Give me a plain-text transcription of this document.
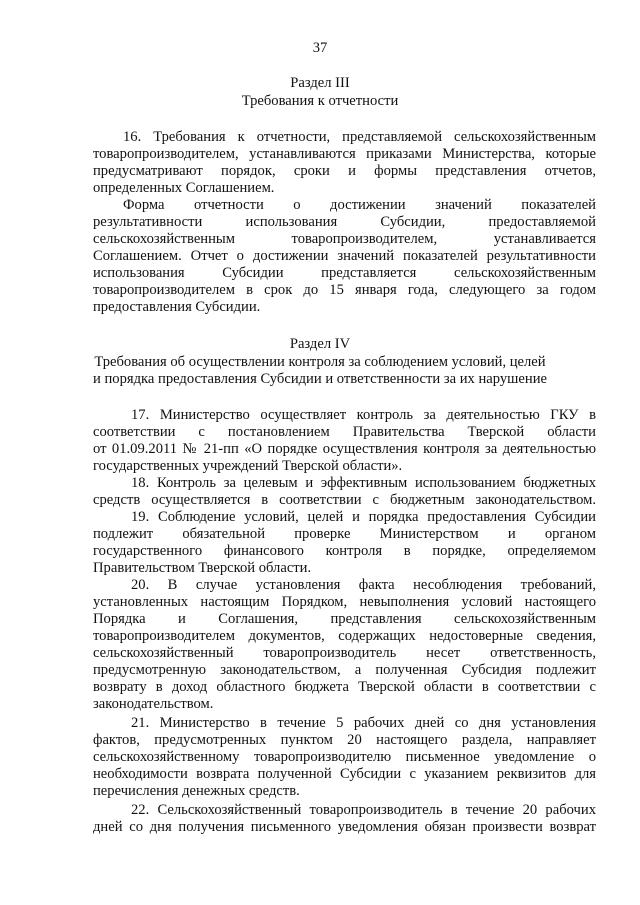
37
Раздел III
Требования к отчетности
16. Требования к отчетности, представляемой сельскохозяйственным
товаропроизводителем, устанавливаются приказами Министерства, которые
предусматривают порядок, сроки и формы представления отчетов,
определенных Соглашением.
Форма отчетности о достижении значений показателей
результативности использования Субсидии, предоставляемой
сельскохозяйственным товаропроизводителем, устанавливается
Соглашением. Отчет о достижении значений показателей результативности
использования Субсидии представляется сельскохозяйственным
товаропроизводителем в срок до 15 января года, следующего за годом
предоставления Субсидии.
Раздел IV
Требования об осуществлении контроля за соблюдением условий, целей
и порядка предоставления Субсидии и ответственности за их нарушение
17. Министерство осуществляет контроль за деятельностью ГКУ в
соответствии с постановлением Правительства Тверской области
от 01.09.2011 № 21-пп «О порядке осуществления контроля за деятельностью
государственных учреждений Тверской области».
18. Контроль за целевым и эффективным использованием бюджетных
средств осуществляется в соответствии с бюджетным законодательством.
19. Соблюдение условий, целей и порядка предоставления Субсидии
подлежит обязательной проверке Министерством и органом
государственного финансового контроля в порядке, определяемом
Правительством Тверской области.
20. В случае установления факта несоблюдения требований,
установленных настоящим Порядком, невыполнения условий настоящего
Порядка и Соглашения, представления сельскохозяйственным
товаропроизводителем документов, содержащих недостоверные сведения,
сельскохозяйственный товаропроизводитель несет ответственность,
предусмотренную законодательством, а полученная Субсидия подлежит
возврату в доход областного бюджета Тверской области в соответствии с
законодательством.
21. Министерство в течение 5 рабочих дней со дня установления
фактов, предусмотренных пунктом 20 настоящего раздела, направляет
сельскохозяйственному товаропроизводителю письменное уведомление о
необходимости возврата полученной Субсидии с указанием реквизитов для
перечисления денежных средств.
22. Сельскохозяйственный товаропроизводитель в течение 20 рабочих
дней со дня получения письменного уведомления обязан произвести возврат
